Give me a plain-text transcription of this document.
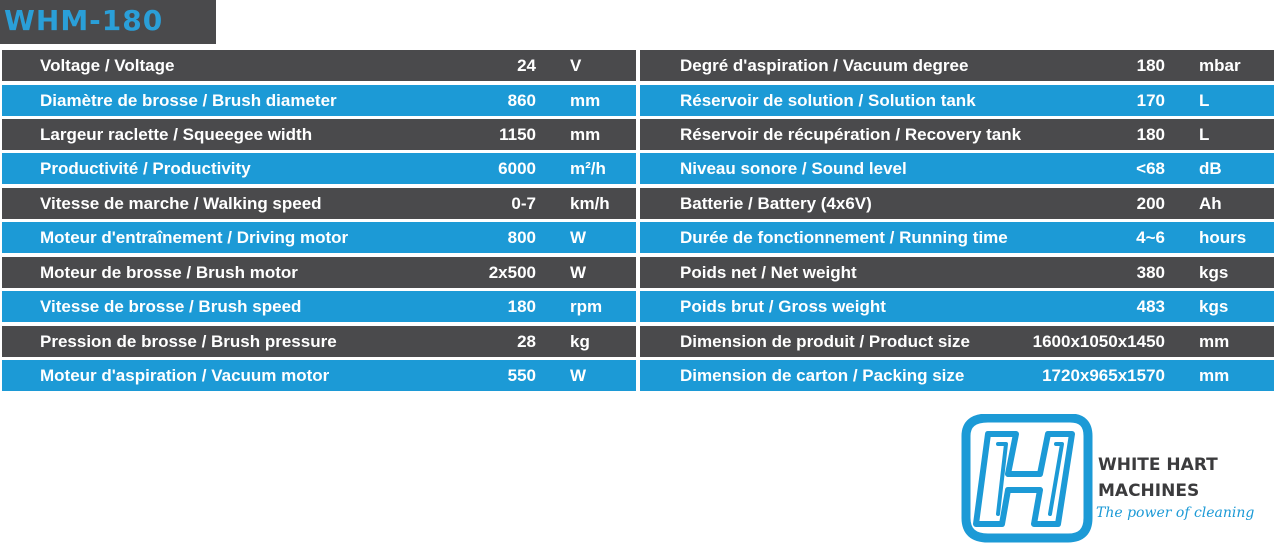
WHM-180
Voltage / Voltage	24 V
Diamètre de brosse / Brush diameter	860 mm
Largeur raclette / Squeegee width	1150 mm
Productivité / Productivity	6000 m²/h
Vitesse de marche / Walking speed	0-7 km/h
Moteur d'entraînement / Driving motor	800 W
Moteur de brosse / Brush motor	2x500 W
Vitesse de brosse / Brush speed	180 rpm
Pression de brosse / Brush pressure	28 kg
Moteur d'aspiration / Vacuum motor	550 W
Degré d'aspiration / Vacuum degree	180 mbar
Réservoir de solution / Solution tank	170 L
Réservoir de récupération / Recovery tank	180 L
Niveau sonore / Sound level	<68 dB
Batterie / Battery (4x6V)	200 Ah
Durée de fonctionnement / Running time	4~6 hours
Poids net / Net weight	380 kgs
Poids brut / Gross weight	483 kgs
Dimension de produit / Product size	1600x1050x1450 mm
Dimension de carton / Packing size	1720x965x1570 mm
WHITE HART
MACHINES
The power of cleaning
